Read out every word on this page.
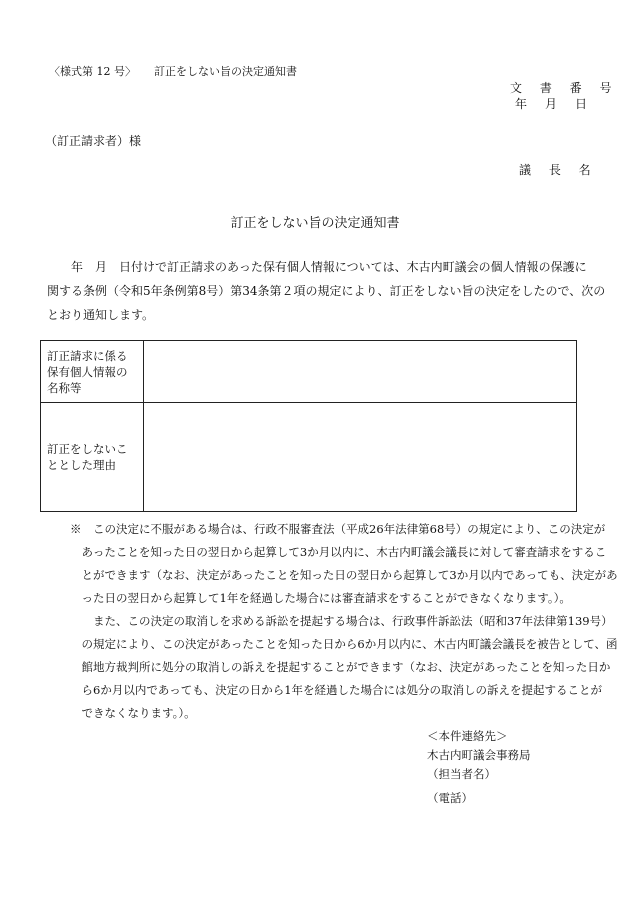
〈様式第 12 号〉 訂正をしない旨の決定通知書
文 書 番 号
年 月 日
（訂正請求者）様
議 長 名
訂正をしない旨の決定通知書
　　年　月　日付けで訂正請求のあった保有個人情報については、木古内町議会の個人情報の保護に
関する条例（令和5年条例第8号）第34条第２項の規定により、訂正をしない旨の決定をしたので、次の
とおり通知します。
訂正請求に係る
保有個人情報の
名称等	

訂正をしないこ
ととした理由	

※　この決定に不服がある場合は、行政不服審査法（平成26年法律第68号）の規定により、この決定が
　あったことを知った日の翌日から起算して3か月以内に、木古内町議会議長に対して審査請求をするこ
　とができます（なお、決定があったことを知った日の翌日から起算して3か月以内であっても、決定があ
　った日の翌日から起算して1年を経過した場合には審査請求をすることができなくなります。）。
　　また、この決定の取消しを求める訴訟を提起する場合は、行政事件訴訟法（昭和37年法律第139号）
　の規定により、この決定があったことを知った日から6か月以内に、木古内町議会議長を被告として、函
　館地方裁判所に処分の取消しの訴えを提起することができます（なお、決定があったことを知った日か
　ら6か月以内であっても、決定の日から1年を経過した場合には処分の取消しの訴えを提起することが
　できなくなります。）。
＜本件連絡先＞
木古内町議会事務局
（担当者名）
（電話）
